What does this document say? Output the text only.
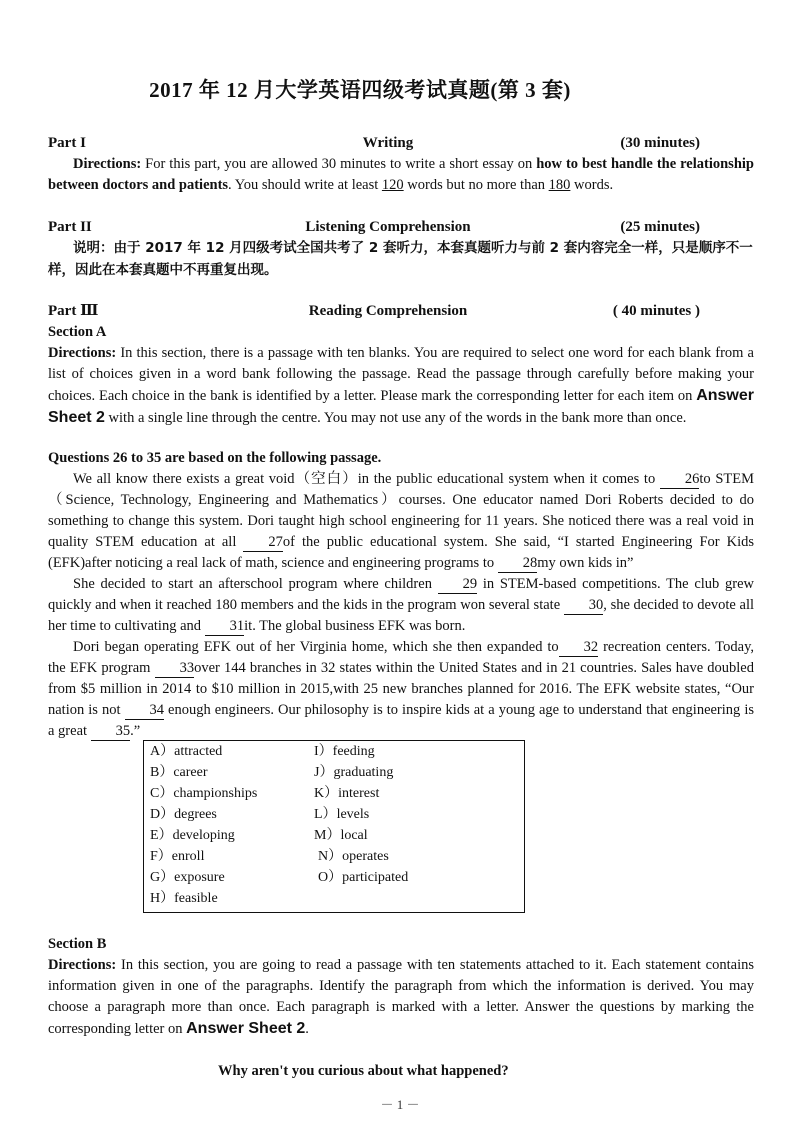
2017 年 12 月大学英语四级考试真题(第 3 套)
Part I	Writing	(30 minutes)
Directions: For this part, you are allowed 30 minutes to write a short essay on how to best handle the relationship between doctors and patients. You should write at least 120 words but no more than 180 words.
Part II	Listening Comprehension	(25 minutes)
说明：由于 2017 年 12 月四级考试全国共考了 2 套听力，本套真题听力与前 2 套内容完全一样，只是顺序不一
样，因此在本套真题中不再重复出现。
Part Ⅲ	Reading Comprehension	( 40 minutes )
Section A
Directions: In this section, there is a passage with ten blanks. You are required to select one word for each blank from a list of choices given in a word bank following the passage. Read the passage through carefully before making your choices. Each choice in the bank is identified by a letter. Please mark the corresponding letter for each item on Answer Sheet 2 with a single line through the centre. You may not use any of the words in the bank more than once.
Questions 26 to 35 are based on the following passage.
We all know there exists a great void（空白）in the public educational system when it comes to 26to STEM（Science, Technology, Engineering and Mathematics）courses. One educator named Dori Roberts decided to do something to change this system. Dori taught high school engineering for 11 years. She noticed there was a real void in quality STEM education at all 27of the public educational system. She said, “I started Engineering For Kids (EFK)after noticing a real lack of math, science and engineering programs to 28my own kids in”
She decided to start an afterschool program where children 29 in STEM-based competitions. The club grew quickly and when it reached 180 members and the kids in the program won several state 30, she decided to devote all her time to cultivating and 31it. The global business EFK was born.
Dori began operating EFK out of her Virginia home, which she then expanded to 32 recreation centers. Today, the EFK program 33over 144 branches in 32 states within the United States and in 21 countries. Sales have doubled from $5 million in 2014 to $10 million in 2015,with 25 new branches planned for 2016. The EFK website states, “Our nation is not 34 enough engineers. Our philosophy is to inspire kids at a young age to understand that engineering is a great 35.”
A）attracted
B）career
C）championships
D）degrees
E）developing
F）enroll
G）exposure
H）feasible
I）feeding
J）graduating
K）interest
L）levels
M）local
N）operates
O）participated
Section B
Directions: In this section, you are going to read a passage with ten statements attached to it. Each statement contains information given in one of the paragraphs. Identify the paragraph from which the information is derived. You may choose a paragraph more than once. Each paragraph is marked with a letter. Answer the questions by marking the corresponding letter on Answer Sheet 2.
Why aren't you curious about what happened?
－ 1 －
